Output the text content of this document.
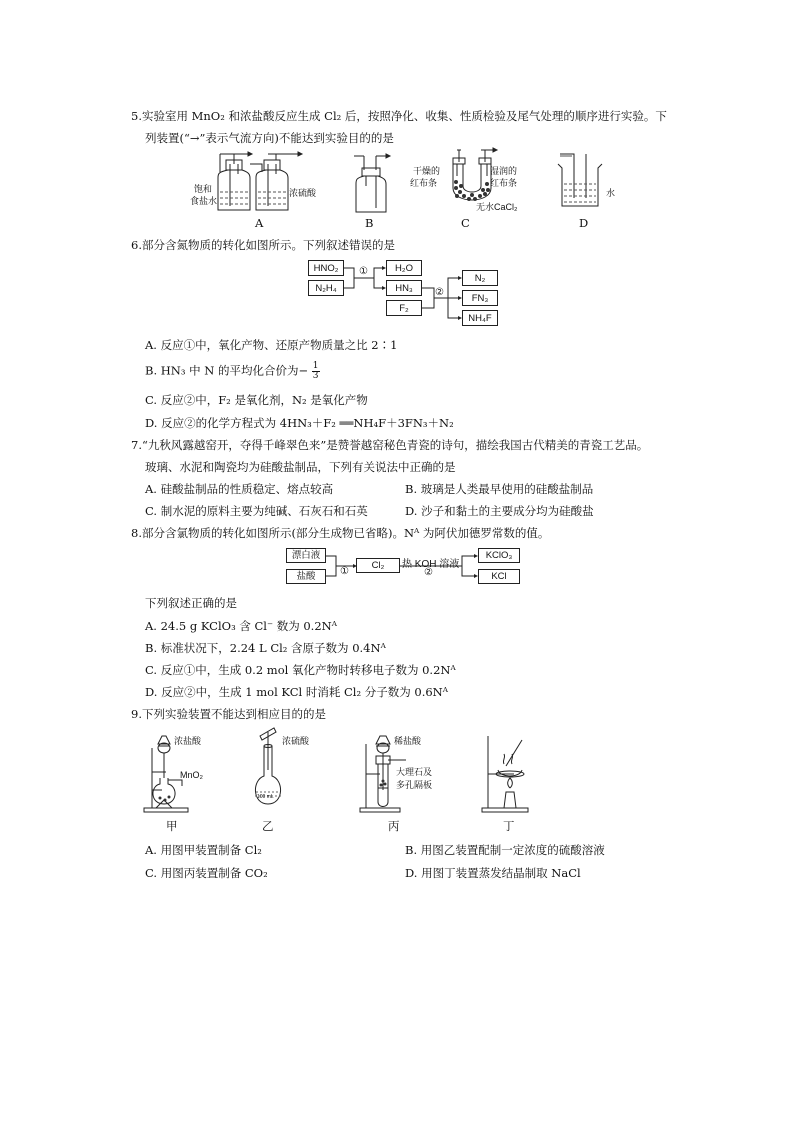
5.实验室用 MnO₂ 和浓盐酸反应生成 Cl₂ 后，按照净化、收集、性质检验及尾气处理的顺序进行实验。下
列装置(“→”表示气流方向)不能达到实验目的的是
饱和
食盐水
浓硫酸
A	B
干燥的
红布条
湿润的
红布条
无水CaCl₂
C
水
D
6.部分含氮物质的转化如图所示。下列叙述错误的是
HNO₂
N₂H₄
H₂O
HN₃
F₂
N₂
FN₃
NH₄F
①
②
A. 反应①中，氧化产物、还原产物质量之比 2∶1
B. HN₃ 中 N 的平均化合价为− $\frac{1}{3}$
C. 反应②中，F₂ 是氧化剂，N₂ 是氧化产物
D. 反应②的化学方程式为 4HN₃＋F₂ ══NH₄F＋3FN₃＋N₂
7.“九秋风露越窑开，夺得千峰翠色来”是赞誉越窑秘色青瓷的诗句，描绘我国古代精美的青瓷工艺品。
玻璃、水泥和陶瓷均为硅酸盐制品，下列有关说法中正确的是
A. 硅酸盐制品的性质稳定、熔点较高	B. 玻璃是人类最早使用的硅酸盐制品
C. 制水泥的原料主要为纯碱、石灰石和石英	D. 沙子和黏土的主要成分均为硅酸盐
8.部分含氯物质的转化如图所示(部分生成物已省略)。Nᴬ 为阿伏加德罗常数的值。
漂白液
盐酸
Cl₂
KClO₃
KCl
①
热 KOH 溶液
②
下列叙述正确的是
A. 24.5 g KClO₃ 含 Cl⁻ 数为 0.2Nᴬ
B. 标准状况下，2.24 L Cl₂ 含原子数为 0.4Nᴬ
C. 反应①中，生成 0.2 mol 氧化产物时转移电子数为 0.2Nᴬ
D. 反应②中，生成 1 mol KCl 时消耗 Cl₂ 分子数为 0.6Nᴬ
9.下列实验装置不能达到相应目的的是
浓盐酸
MnO₂
甲
浓硫酸
100 mL
乙
稀盐酸
大理石及
多孔隔板
丙	丁
A. 用图甲装置制备 Cl₂	B. 用图乙装置配制一定浓度的硫酸溶液
C. 用图丙装置制备 CO₂	D. 用图丁装置蒸发结晶制取 NaCl
